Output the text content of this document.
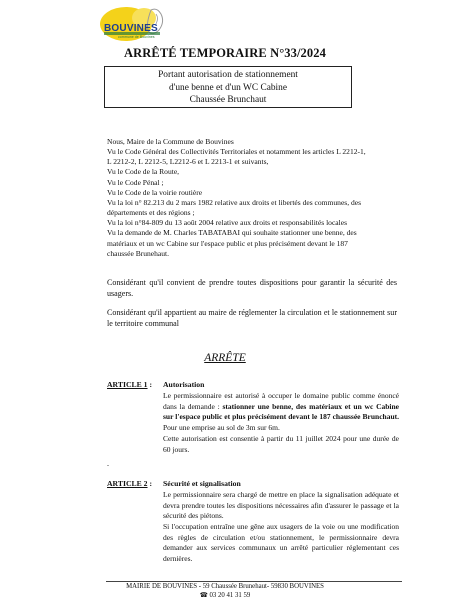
BOUVINES
commune de Bouvines
ARRÊTÉ TEMPORAIRE N°33/2024
Portant autorisation de stationnement
d'une benne et d'un WC Cabine
Chaussée Brunchaut
Nous, Maire de la Commune de Bouvines
Vu le Code Général des Collectivités Territoriales et notamment les articles L 2212-1,
L 2212-2, L 2212-5, L2212-6 et L 2213-1 et suivants,
Vu le Code de la Route,
Vu le Code Pénal ;
Vu le Code de la voirie routière
Vu la loi n° 82.213 du 2 mars 1982 relative aux droits et libertés des communes, des
départements et des régions ;
Vu la loi n°84-809 du 13 août 2004 relative aux droits et responsabilités locales
Vu la demande de M. Charles TABATABAI qui souhaite stationner une benne, des
matériaux et un wc Cabine sur l'espace public et plus précisément devant le 187
chaussée Brunehaut.
Considérant qu'il convient de prendre toutes dispositions pour garantir la sécurité des usagers.
Considérant qu'il appartient au maire de réglementer la circulation et le stationnement sur le territoire communal
ARRÊTE
ARTICLE 1 : Autorisation
Le permissionnaire est autorisé à occuper le domaine public comme énoncé dans la demande : stationner une benne, des matériaux et un wc Cabine sur l'espace public et plus précisément devant le 187 chaussée Brunchaut. Pour une emprise au sol de 3m sur 6m.
Cette autorisation est consentie à partir du 11 juillet 2024 pour une durée de 60 jours.
.
ARTICLE 2 : Sécurité et signalisation
Le permissionnaire sera chargé de mettre en place la signalisation adéquate et devra prendre toutes les dispositions nécessaires afin d'assurer le passage et la sécurité des piétons.
Si l'occupation entraîne une gêne aux usagers de la voie ou une modification des règles de circulation et/ou stationnement, le permissionnaire devra demander aux services communaux un arrêté particulier réglementant ces dernières.
MAIRIE DE BOUVINES - 59 Chaussée Brunehaut- 59830 BOUVINES
☎ 03 20 41 31 59
